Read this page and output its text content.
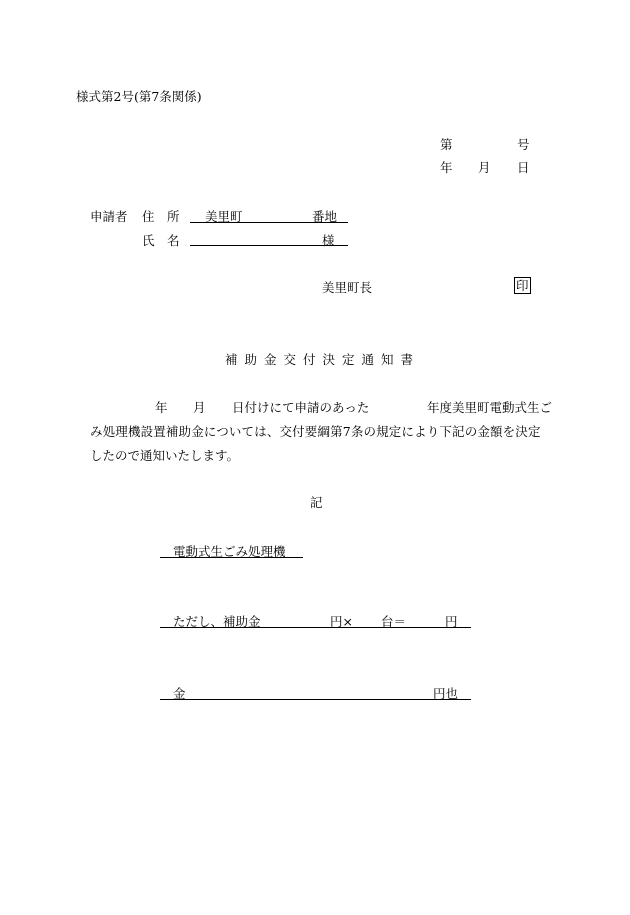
様式第2号(第7条関係)
第	号
年 月 日
申請者 住　所 美里町	番地
氏　名	様
美里町長	印
補助金交付決定通知書
年 月 日付けにて申請のあった	年度美里町電動式生ご
み処理機設置補助金については、交付要綱第7条の規定により下記の金額を決定
したので通知いたします。
記
電動式生ごみ処理機
ただし、補助金	円× 台＝	円
金	円也
